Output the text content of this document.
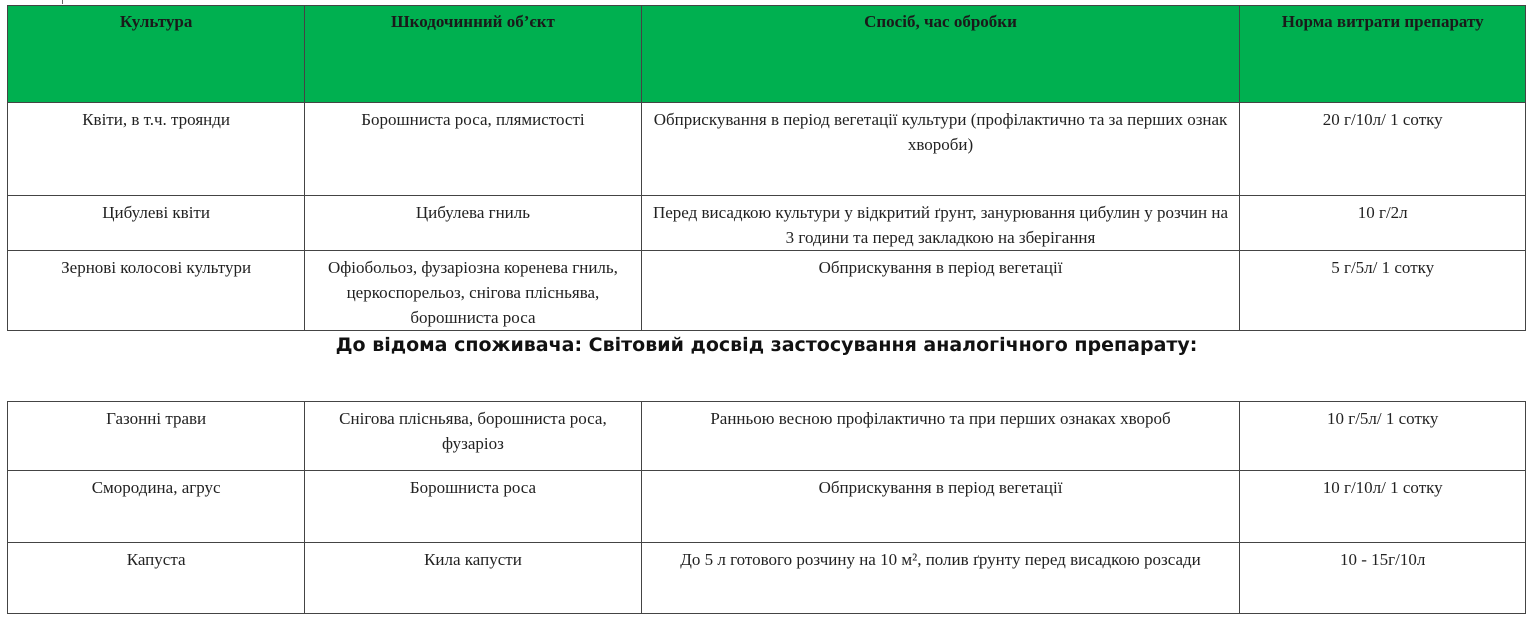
Культура	Шкодочинний об’єкт	Спосіб, час обробки	Норма витрати препарату
Квіти, в т.ч. троянди	Борошниста роса, плямистості	Обприскування в період вегетації культури (профілактично та за перших ознак хвороби)	20 г/10л/ 1 сотку
Цибулеві квіти	Цибулева гниль	Перед висадкою культури у відкритий ґрунт, занурювання цибулин у розчин на 3 години та перед закладкою на зберігання	10 г/2л
Зернові колосові культури	Офіобольоз, фузаріозна коренева гниль, церкоспорельоз, снігова плісньява, борошниста роса	Обприскування в період вегетації	5 г/5л/ 1 сотку
До відома споживача: Світовий досвід застосування аналогічного препарату:			
Газонні трави	Снігова плісньява, борошниста роса, фузаріоз	Ранньою весною профілактично та при перших ознаках хвороб	10 г/5л/ 1 сотку
Смородина, агрус	Борошниста роса	Обприскування в період вегетації	10 г/10л/ 1 сотку
Капуста	Кила капусти	До 5 л готового розчину на 10 м², полив ґрунту перед висадкою розсади	10 - 15г/10л
